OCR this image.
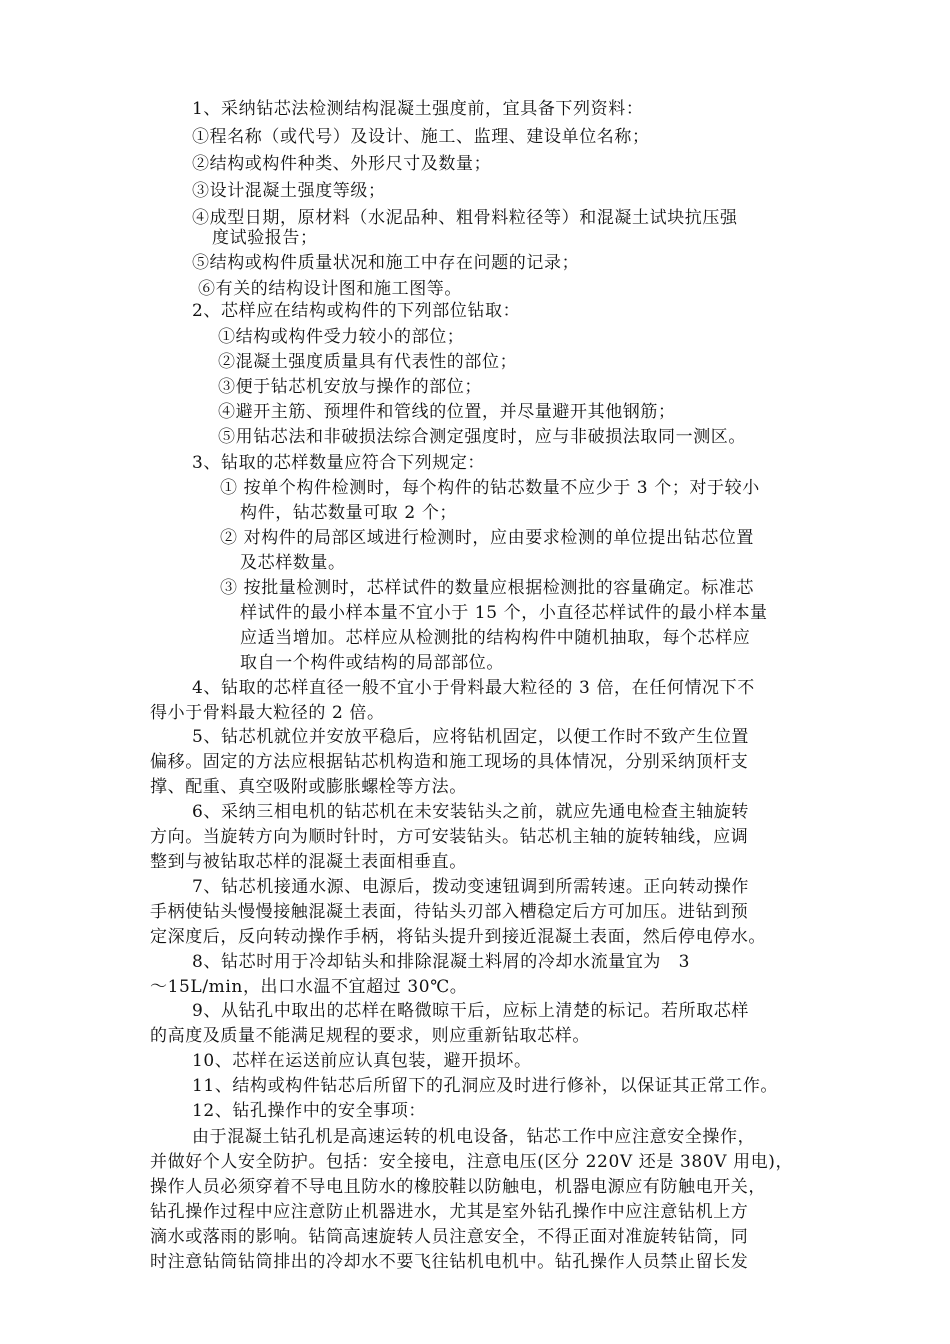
1、采纳钻芯法检测结构混凝土强度前，宜具备下列资料：

①程名称（或代号）及设计、施工、监理、建设单位名称；

②结构或构件种类、外形尺寸及数量；

③设计混凝土强度等级；

④成型日期，原材料（水泥品种、粗骨料粒径等）和混凝土试块抗压强

度试验报告；

⑤结构或构件质量状况和施工中存在问题的记录；

⑥有关的结构设计图和施工图等。

2、芯样应在结构或构件的下列部位钻取：

①结构或构件受力较小的部位；

②混凝土强度质量具有代表性的部位；

③便于钻芯机安放与操作的部位；

④避开主筋、预埋件和管线的位置，并尽量避开其他钢筋；

⑤用钻芯法和非破损法综合测定强度时，应与非破损法取同一测区。

3、钻取的芯样数量应符合下列规定：

① 按单个构件检测时，每个构件的钻芯数量不应少于 3 个；对于较小

构件，钻芯数量可取 2 个；

② 对构件的局部区域进行检测时，应由要求检测的单位提出钻芯位置

及芯样数量。

③ 按批量检测时，芯样试件的数量应根据检测批的容量确定。标准芯

样试件的最小样本量不宜小于 15 个，小直径芯样试件的最小样本量

应适当增加。芯样应从检测批的结构构件中随机抽取，每个芯样应

取自一个构件或结构的局部部位。

4、钻取的芯样直径一般不宜小于骨料最大粒径的 3 倍，在任何情况下不

得小于骨料最大粒径的 2 倍。

5、钻芯机就位并安放平稳后，应将钻机固定，以便工作时不致产生位置

偏移。固定的方法应根据钻芯机构造和施工现场的具体情况，分别采纳顶杆支

撑、配重、真空吸附或膨胀螺栓等方法。

6、采纳三相电机的钻芯机在未安装钻头之前，就应先通电检查主轴旋转

方向。当旋转方向为顺时针时，方可安装钻头。钻芯机主轴的旋转轴线，应调

整到与被钻取芯样的混凝土表面相垂直。

7、钻芯机接通水源、电源后，拨动变速钮调到所需转速。正向转动操作

手柄使钻头慢慢接触混凝土表面，待钻头刃部入槽稳定后方可加压。进钻到预

定深度后，反向转动操作手柄，将钻头提升到接近混凝土表面，然后停电停水。

8、钻芯时用于冷却钻头和排除混凝土料屑的冷却水流量宜为　3

～15L/min，出口水温不宜超过 30℃。

9、从钻孔中取出的芯样在略微晾干后，应标上清楚的标记。若所取芯样

的高度及质量不能满足规程的要求，则应重新钻取芯样。

10、芯样在运送前应认真包装，避开损坏。

11、结构或构件钻芯后所留下的孔洞应及时进行修补，以保证其正常工作。

12、钻孔操作中的安全事项：

由于混凝土钻孔机是高速运转的机电设备，钻芯工作中应注意安全操作，

并做好个人安全防护。包括：安全接电，注意电压(区分 220V 还是 380V 用电)，

操作人员必须穿着不导电且防水的橡胶鞋以防触电，机器电源应有防触电开关，

钻孔操作过程中应注意防止机器进水，尤其是室外钻孔操作中应注意钻机上方

滴水或落雨的影响。钻筒高速旋转人员注意安全，不得正面对准旋转钻筒，同

时注意钻筒钻筒排出的冷却水不要飞往钻机电机中。钻孔操作人员禁止留长发
